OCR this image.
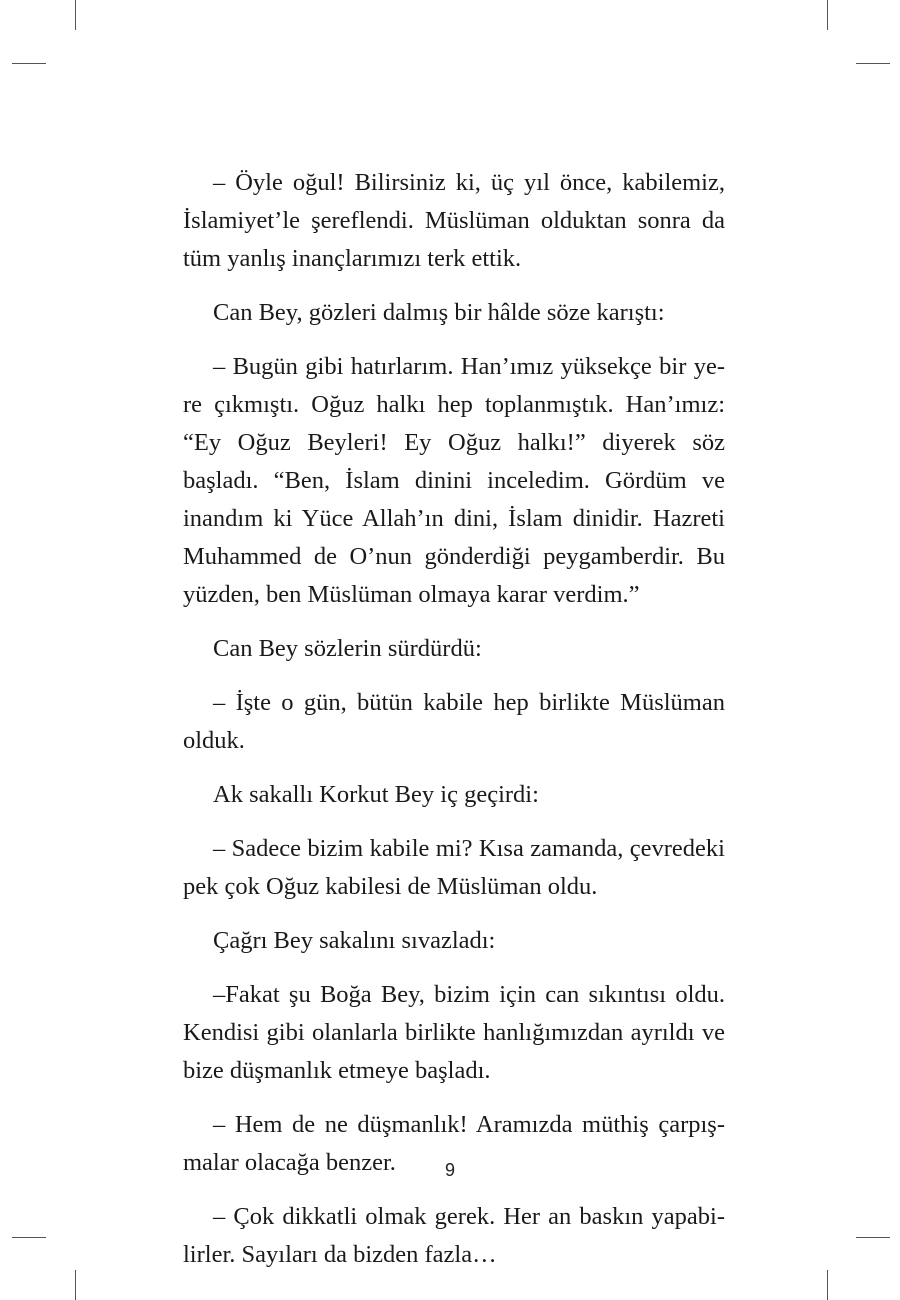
– Öyle oğul! Bilirsiniz ki, üç yıl önce, kabilemiz, İslamiyet’le şereflendi. Müslüman olduktan sonra da tüm yanlış inançlarımızı terk ettik.

Can Bey, gözleri dalmış bir hâlde söze karıştı:

– Bugün gibi hatırlarım. Han’ımız yüksekçe bir yere çıkmıştı. Oğuz halkı hep toplanmıştık. Han’ımız: “Ey Oğuz Beyleri! Ey Oğuz halkı!” diyerek söz başladı. “Ben, İslam dinini inceledim. Gördüm ve inandım ki Yüce Allah’ın dini, İslam dinidir. Hazreti Muhammed de O’nun gönderdiği peygamberdir. Bu yüzden, ben Müslüman olmaya karar verdim.”

Can Bey sözlerin sürdürdü:

– İşte o gün, bütün kabile hep birlikte Müslüman olduk.

Ak sakallı Korkut Bey iç geçirdi:

– Sadece bizim kabile mi? Kısa zamanda, çevredeki pek çok Oğuz kabilesi de Müslüman oldu.

Çağrı Bey sakalını sıvazladı:

–Fakat şu Boğa Bey, bizim için can sıkıntısı oldu. Kendisi gibi olanlarla birlikte hanlığımızdan ayrıldı ve bize düşmanlık etmeye başladı.

– Hem de ne düşmanlık! Aramızda müthiş çarpışmalar olacağa benzer.

– Çok dikkatli olmak gerek. Her an baskın yapabilirler. Sayıları da bizden fazla…

9
